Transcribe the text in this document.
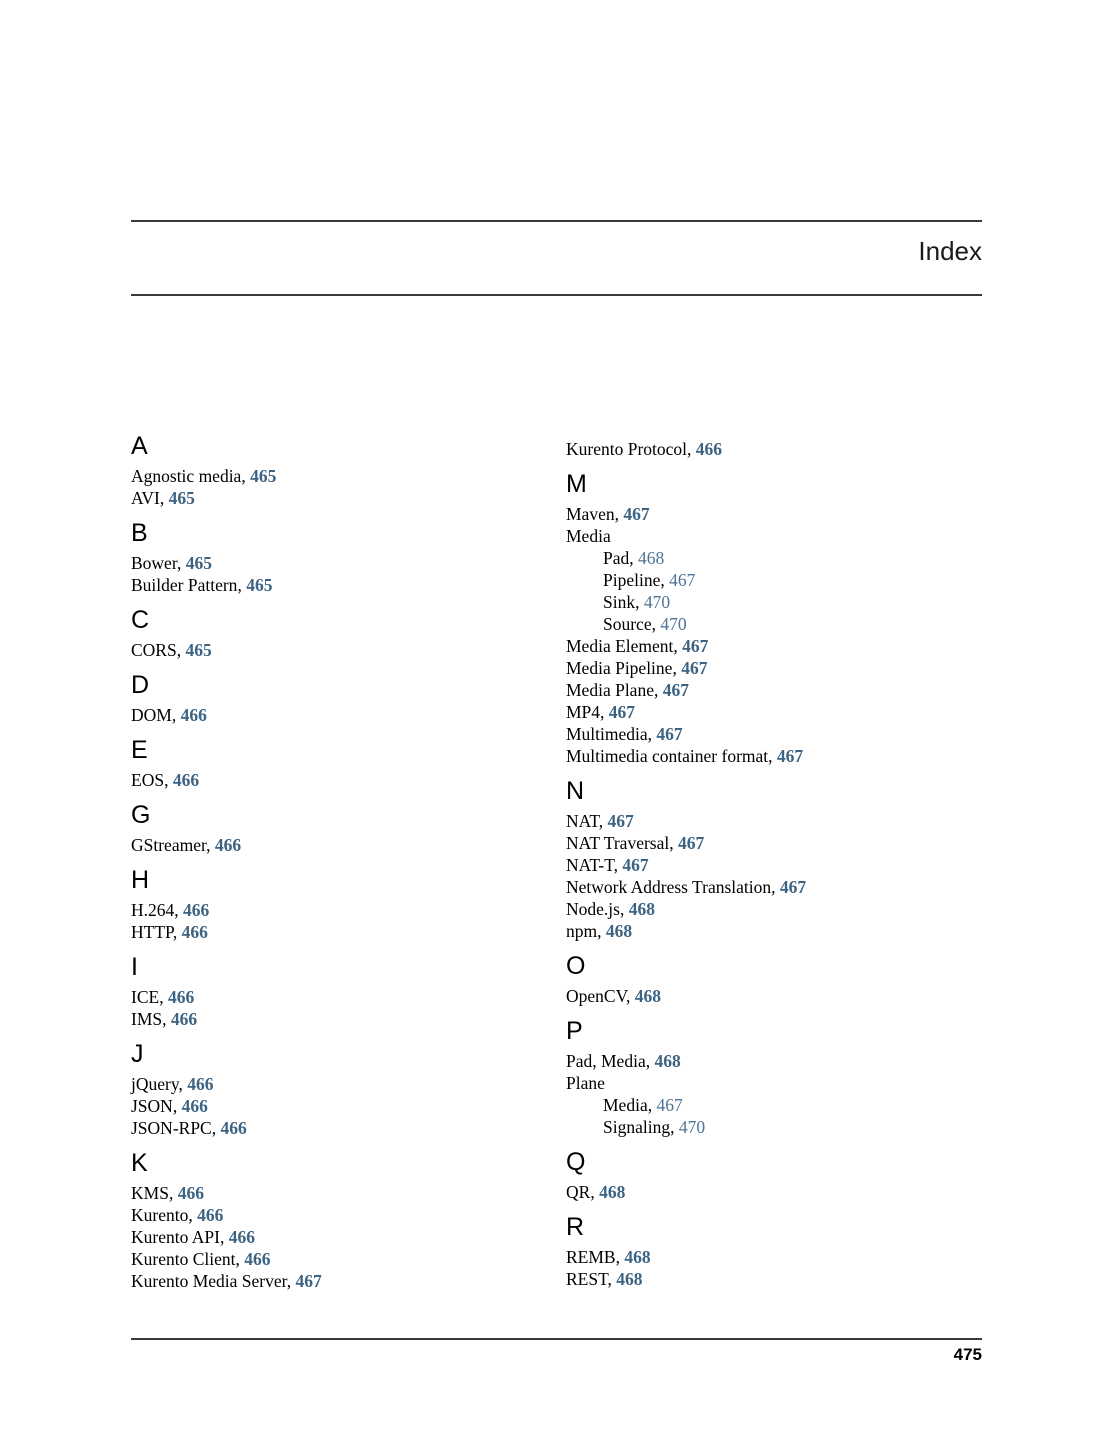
Index
A
Agnostic media, 465
AVI, 465
B
Bower, 465
Builder Pattern, 465
C
CORS, 465
D
DOM, 466
E
EOS, 466
G
GStreamer, 466
H
H.264, 466
HTTP, 466
I
ICE, 466
IMS, 466
J
jQuery, 466
JSON, 466
JSON-RPC, 466
K
KMS, 466
Kurento, 466
Kurento API, 466
Kurento Client, 466
Kurento Media Server, 467
Kurento Protocol, 466
M
Maven, 467
Media
Pad, 468
Pipeline, 467
Sink, 470
Source, 470
Media Element, 467
Media Pipeline, 467
Media Plane, 467
MP4, 467
Multimedia, 467
Multimedia container format, 467
N
NAT, 467
NAT Traversal, 467
NAT-T, 467
Network Address Translation, 467
Node.js, 468
npm, 468
O
OpenCV, 468
P
Pad, Media, 468
Plane
Media, 467
Signaling, 470
Q
QR, 468
R
REMB, 468
REST, 468
475
